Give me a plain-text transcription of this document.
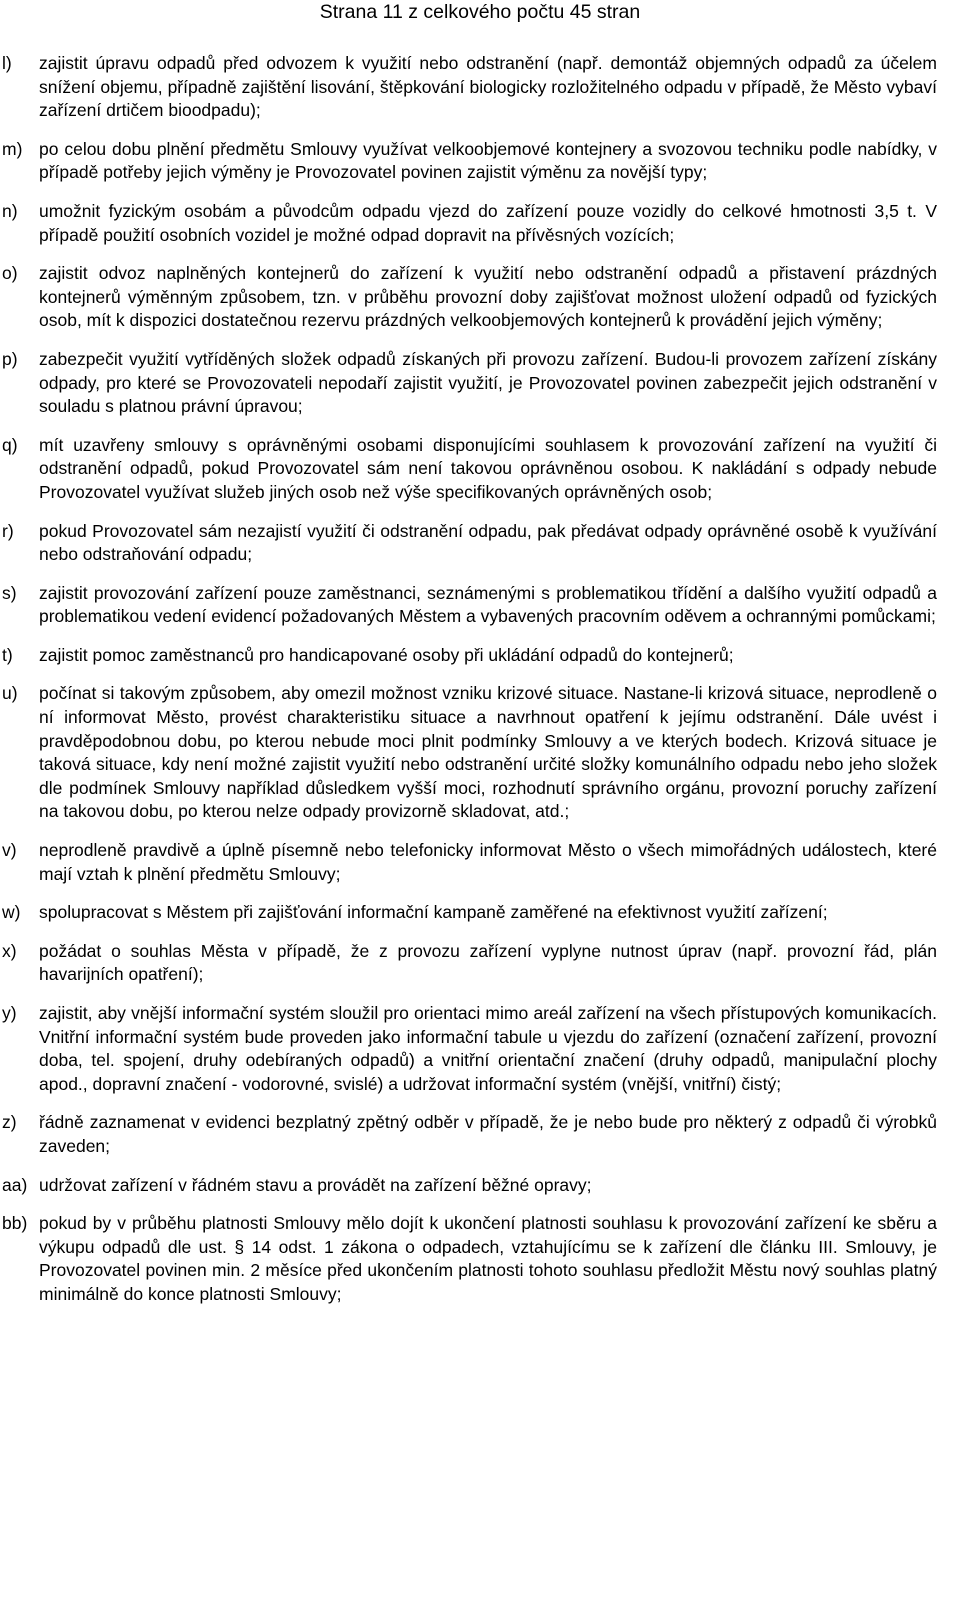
Strana 11 z celkového počtu 45 stran
l) zajistit úpravu odpadů před odvozem k využití nebo odstranění (např. demontáž objemných odpadů za účelem snížení objemu, případně zajištění lisování, štěpkování biologicky rozložitelného odpadu v případě, že Město vybaví zařízení drtičem bioodpadu);
m) po celou dobu plnění předmětu Smlouvy využívat velkoobjemové kontejnery a svozovou techniku podle nabídky, v případě potřeby jejich výměny je Provozovatel povinen zajistit výměnu za novější typy;
n) umožnit fyzickým osobám a původcům odpadu vjezd do zařízení pouze vozidly do celkové hmotnosti 3,5 t. V případě použití osobních vozidel je možné odpad dopravit na přívěsných vozících;
o) zajistit odvoz naplněných kontejnerů do zařízení k využití nebo odstranění odpadů a přistavení prázdných kontejnerů výměnným způsobem, tzn. v průběhu provozní doby zajišťovat možnost uložení odpadů od fyzických osob, mít k dispozici dostatečnou rezervu prázdných velkoobjemových kontejnerů k provádění jejich výměny;
p) zabezpečit využití vytříděných složek odpadů získaných při provozu zařízení. Budou-li provozem zařízení získány odpady, pro které se Provozovateli nepodaří zajistit využití, je Provozovatel povinen zabezpečit jejich odstranění v souladu s platnou právní úpravou;
q) mít uzavřeny smlouvy s oprávněnými osobami disponujícími souhlasem k provozování zařízení na využití či odstranění odpadů, pokud Provozovatel sám není takovou oprávněnou osobou. K nakládání s odpady nebude Provozovatel využívat služeb jiných osob než výše specifikovaných oprávněných osob;
r) pokud Provozovatel sám nezajistí využití či odstranění odpadu, pak předávat odpady oprávněné osobě k využívání nebo odstraňování odpadu;
s) zajistit provozování zařízení pouze zaměstnanci, seznámenými s problematikou třídění a dalšího využití odpadů a problematikou vedení evidencí požadovaných Městem a vybavených pracovním oděvem a ochrannými pomůckami;
t) zajistit pomoc zaměstnanců pro handicapované osoby při ukládání odpadů do kontejnerů;
u) počínat si takovým způsobem, aby omezil možnost vzniku krizové situace. Nastane-li krizová situace, neprodleně o ní informovat Město, provést charakteristiku situace a navrhnout opatření k jejímu odstranění. Dále uvést i pravděpodobnou dobu, po kterou nebude moci plnit podmínky Smlouvy a ve kterých bodech. Krizová situace je taková situace, kdy není možné zajistit využití nebo odstranění určité složky komunálního odpadu nebo jeho složek dle podmínek Smlouvy například důsledkem vyšší moci, rozhodnutí správního orgánu, provozní poruchy zařízení na takovou dobu, po kterou nelze odpady provizorně skladovat, atd.;
v) neprodleně pravdivě a úplně písemně nebo telefonicky informovat Město o všech mimořádných událostech, které mají vztah k plnění předmětu Smlouvy;
w) spolupracovat s Městem při zajišťování informační kampaně zaměřené na efektivnost využití zařízení;
x) požádat o souhlas Města v případě, že z provozu zařízení vyplyne nutnost úprav (např. provozní řád, plán havarijních opatření);
y) zajistit, aby vnější informační systém sloužil pro orientaci mimo areál zařízení na všech přístupových komunikacích. Vnitřní informační systém bude proveden jako informační tabule u vjezdu do zařízení (označení zařízení, provozní doba, tel. spojení, druhy odebíraných odpadů) a vnitřní orientační značení (druhy odpadů, manipulační plochy apod., dopravní značení - vodorovné, svislé) a udržovat informační systém (vnější, vnitřní) čistý;
z) řádně zaznamenat v evidenci bezplatný zpětný odběr v případě, že je nebo bude pro některý z odpadů či výrobků zaveden;
aa) udržovat zařízení v řádném stavu a provádět na zařízení běžné opravy;
bb) pokud by v průběhu platnosti Smlouvy mělo dojít k ukončení platnosti souhlasu k provozování zařízení ke sběru a výkupu odpadů dle ust. § 14 odst. 1 zákona o odpadech, vztahujícímu se k zařízení dle článku III. Smlouvy, je Provozovatel povinen min. 2 měsíce před ukončením platnosti tohoto souhlasu předložit Městu nový souhlas platný minimálně do konce platnosti Smlouvy;
